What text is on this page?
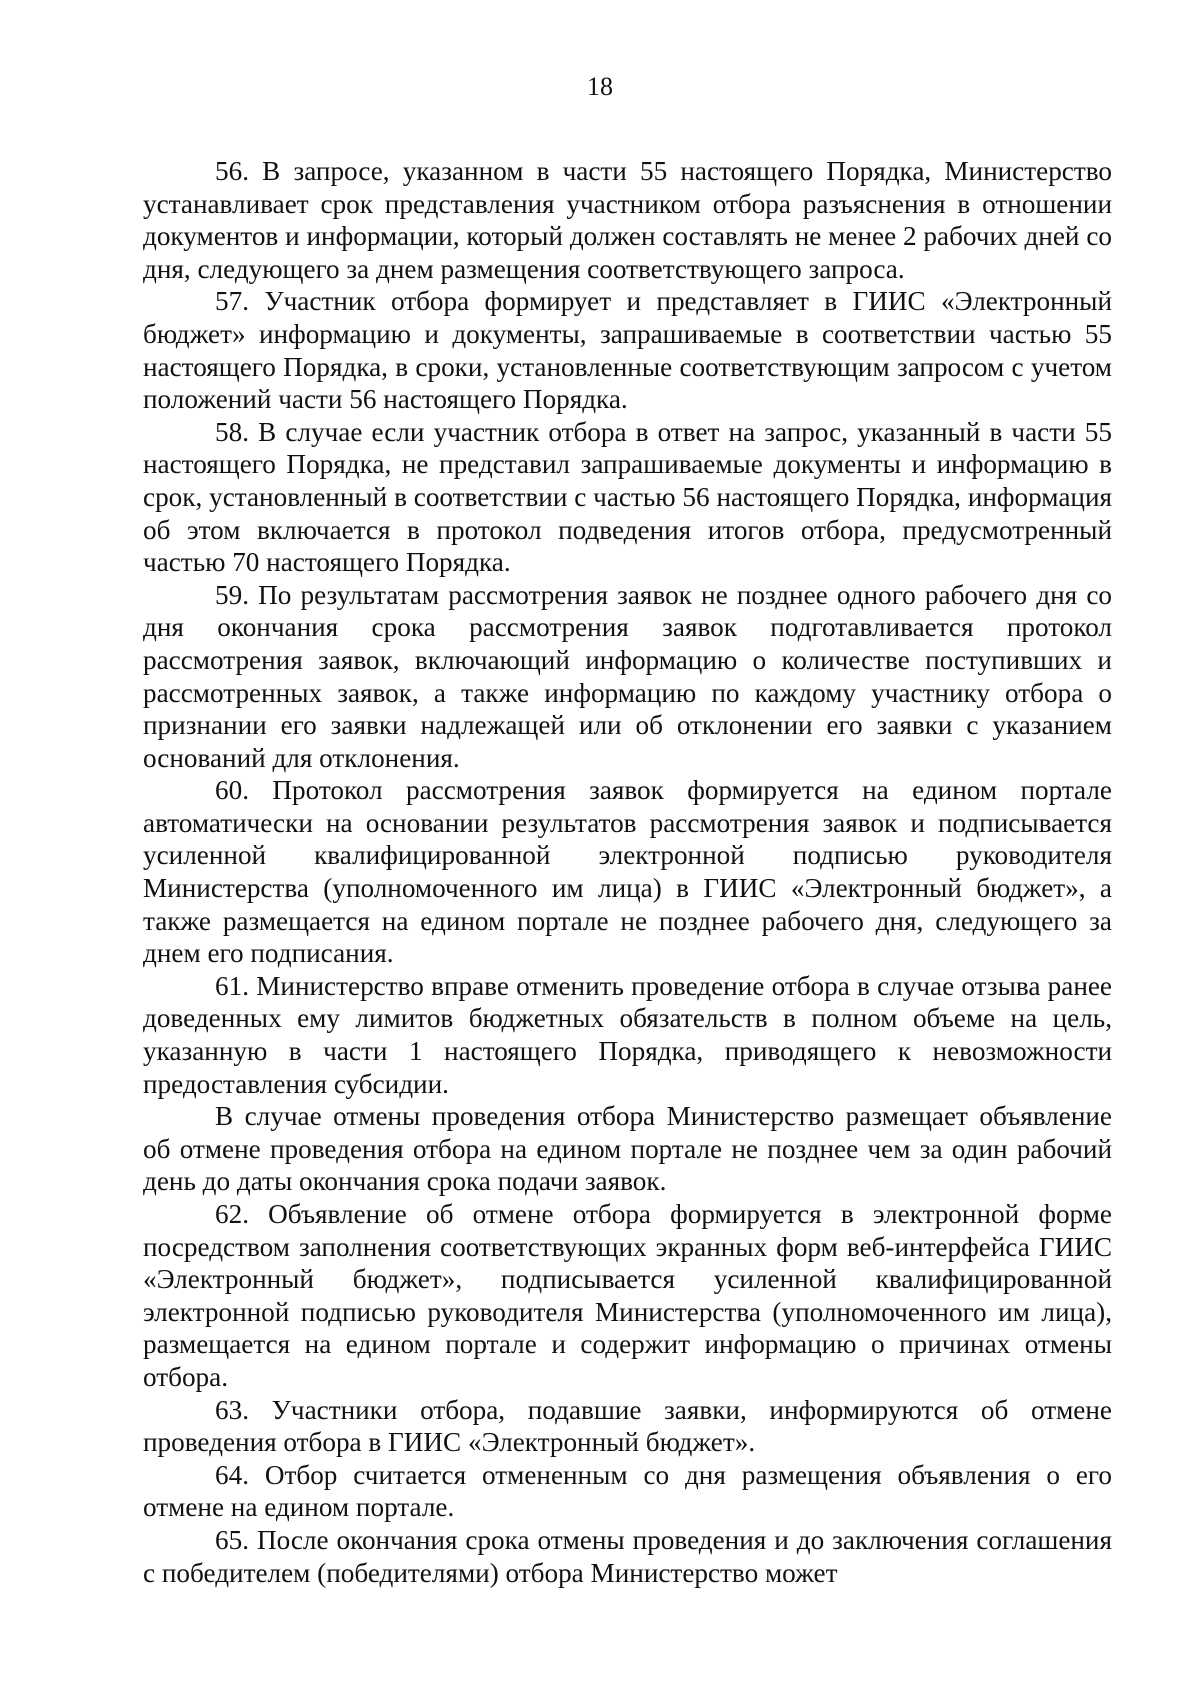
18

56. В запросе, указанном в части 55 настоящего Порядка, Министерство устанавливает срок представления участником отбора разъяснения в отношении документов и информации, который должен составлять не менее 2 рабочих дней со дня, следующего за днем размещения соответствующего запроса.

57. Участник отбора формирует и представляет в ГИИС «Электронный бюджет» информацию и документы, запрашиваемые в соответствии частью 55 настоящего Порядка, в сроки, установленные соответствующим запросом с учетом положений части 56 настоящего Порядка.

58. В случае если участник отбора в ответ на запрос, указанный в части 55 настоящего Порядка, не представил запрашиваемые документы и информацию в срок, установленный в соответствии с частью 56 настоящего Порядка, информация об этом включается в протокол подведения итогов отбора, предусмотренный частью 70 настоящего Порядка.

59. По результатам рассмотрения заявок не позднее одного рабочего дня со дня окончания срока рассмотрения заявок подготавливается протокол рассмотрения заявок, включающий информацию о количестве поступивших и рассмотренных заявок, а также информацию по каждому участнику отбора о признании его заявки надлежащей или об отклонении его заявки с указанием оснований для отклонения.

60. Протокол рассмотрения заявок формируется на едином портале автоматически на основании результатов рассмотрения заявок и подписывается усиленной квалифицированной электронной подписью руководителя Министерства (уполномоченного им лица) в ГИИС «Электронный бюджет», а также размещается на едином портале не позднее рабочего дня, следующего за днем его подписания.

61. Министерство вправе отменить проведение отбора в случае отзыва ранее доведенных ему лимитов бюджетных обязательств в полном объеме на цель, указанную в части 1 настоящего Порядка, приводящего к невозможности предоставления субсидии.

В случае отмены проведения отбора Министерство размещает объявление об отмене проведения отбора на едином портале не позднее чем за один рабочий день до даты окончания срока подачи заявок.

62. Объявление об отмене отбора формируется в электронной форме посредством заполнения соответствующих экранных форм веб-интерфейса ГИИС «Электронный бюджет», подписывается усиленной квалифицированной электронной подписью руководителя Министерства (уполномоченного им лица), размещается на едином портале и содержит информацию о причинах отмены отбора.

63. Участники отбора, подавшие заявки, информируются об отмене проведения отбора в ГИИС «Электронный бюджет».

64. Отбор считается отмененным со дня размещения объявления о его отмене на едином портале.

65. После окончания срока отмены проведения и до заключения соглашения с победителем (победителями) отбора Министерство может
